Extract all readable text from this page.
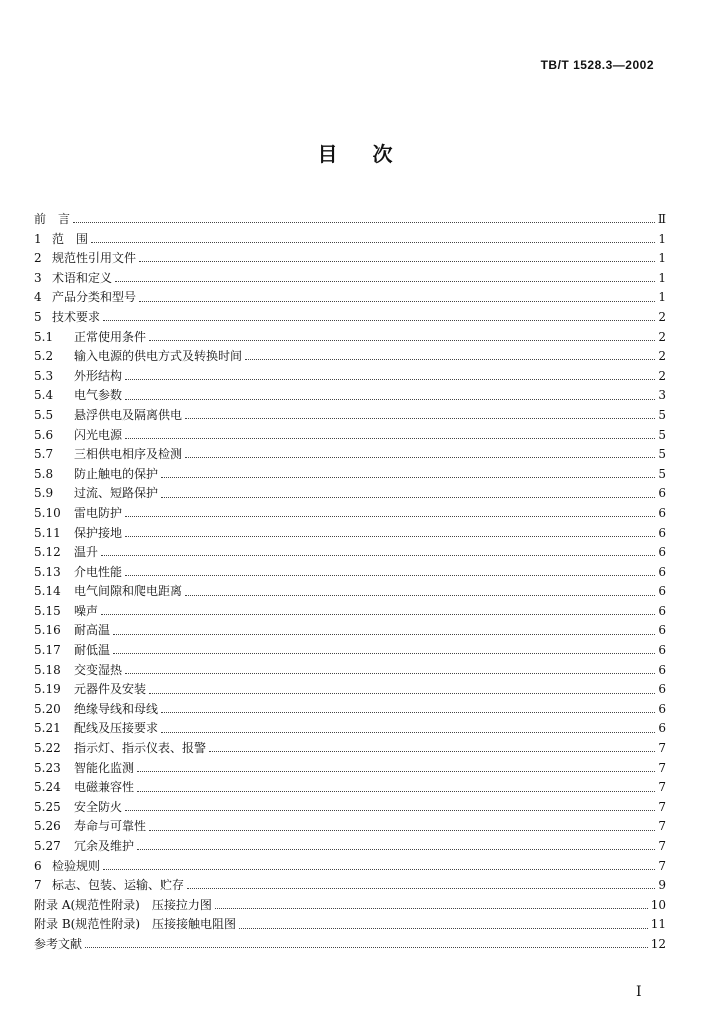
TB/T 1528.3—2002
目 次
前　言	Ⅱ
1 范　围	1
2 规范性引用文件	1
3 术语和定义	1
4 产品分类和型号	1
5 技术要求	2
5.1	正常使用条件	2
5.2	输入电源的供电方式及转换时间	2
5.3	外形结构	2
5.4	电气参数	3
5.5	悬浮供电及隔离供电	5
5.6	闪光电源	5
5.7	三相供电相序及检测	5
5.8	防止触电的保护	5
5.9	过流、短路保护	6
5.10	雷电防护	6
5.11	保护接地	6
5.12	温升	6
5.13	介电性能	6
5.14	电气间隙和爬电距离	6
5.15	噪声	6
5.16	耐高温	6
5.17	耐低温	6
5.18	交变湿热	6
5.19	元器件及安装	6
5.20	绝缘导线和母线	6
5.21	配线及压接要求	6
5.22	指示灯、指示仪表、报警	7
5.23	智能化监测	7
5.24	电磁兼容性	7
5.25	安全防火	7
5.26	寿命与可靠性	7
5.27	冗余及维护	7
6 检验规则	7
7 标志、包装、运输、贮存	9
附录 A(规范性附录)　压接拉力图	10
附录 B(规范性附录)　压接接触电阻图	11
参考文献	12
Ⅰ
